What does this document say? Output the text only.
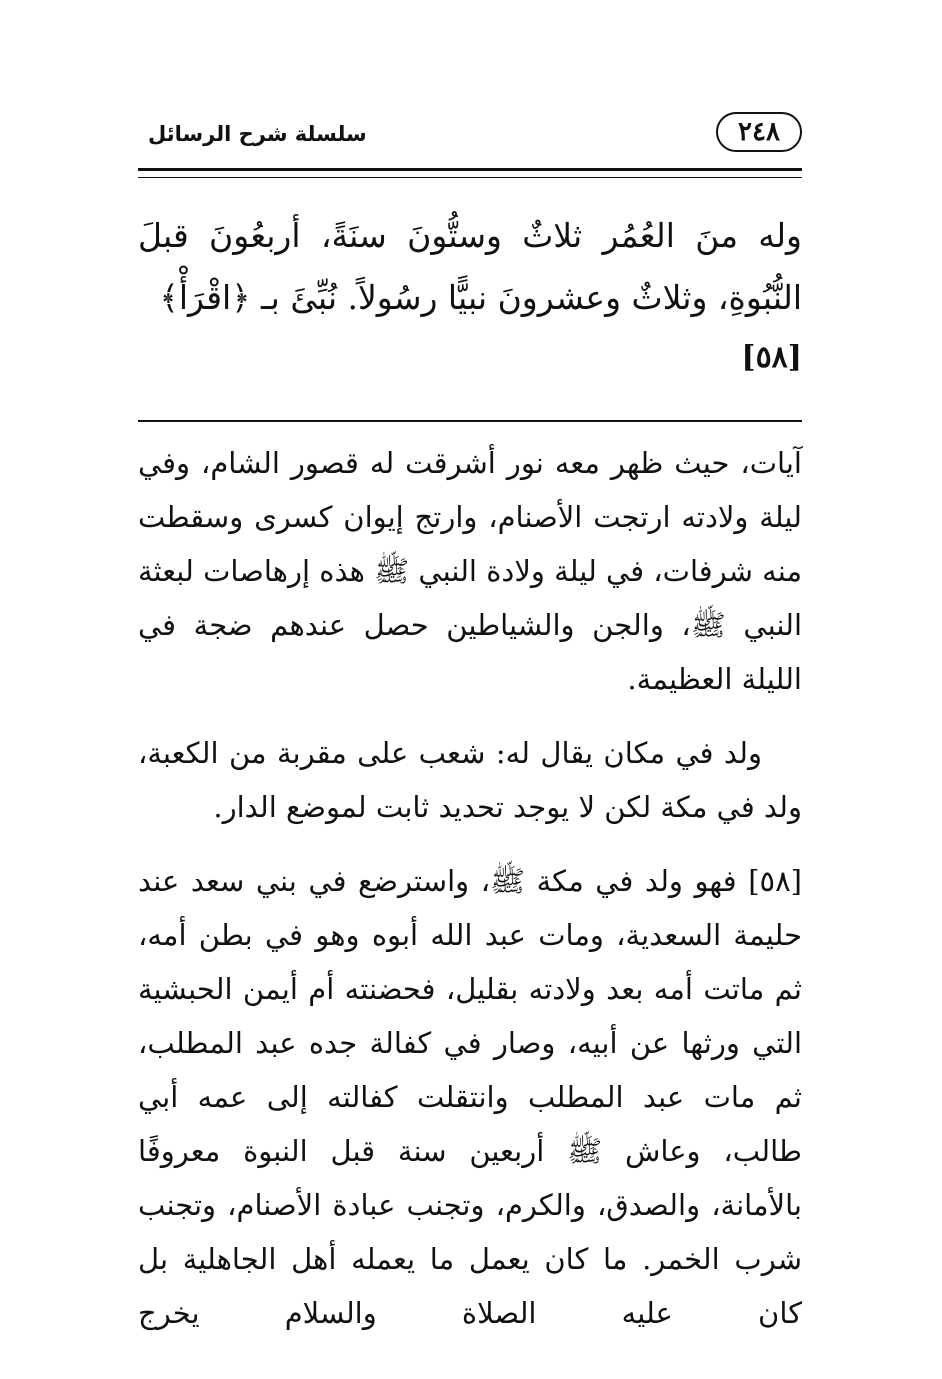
سلسلة شرح الرسائل	٢٤٨
وله منَ العُمُر ثلاثٌ وستُّونَ سنَةً، أربعُونَ قبلَ النُّبُوةِ، وثلاثٌ وعشرونَ نبيًّا رسُولاً. نُبِّئَ بـ ﴿اقْرَأْ﴾
[٥٨]

آيات، حيث ظهر معه نور أشرقت له قصور الشام، وفي ليلة ولادته ارتجت الأصنام، وارتج إيوان كسرى وسقطت منه شرفات، في ليلة ولادة النبي ﷺ هذه إرهاصات لبعثة النبي ﷺ، والجن والشياطين حصل عندهم ضجة في الليلة العظيمة.

ولد في مكان يقال له: شعب على مقربة من الكعبة، ولد في مكة لكن لا يوجد تحديد ثابت لموضع الدار.

[٥٨] فهو ولد في مكة ﷺ، واسترضع في بني سعد عند حليمة السعدية، ومات عبد الله أبوه وهو في بطن أمه، ثم ماتت أمه بعد ولادته بقليل، فحضنته أم أيمن الحبشية التي ورثها عن أبيه، وصار في كفالة جده عبد المطلب، ثم مات عبد المطلب وانتقلت كفالته إلى عمه أبي طالب، وعاش ﷺ أربعين سنة قبل النبوة معروفًا بالأمانة، والصدق، والكرم، وتجنب عبادة الأصنام، وتجنب شرب الخمر. ما كان يعمل ما يعمله أهل الجاهلية بل كان عليه الصلاة والسلام يخرج
